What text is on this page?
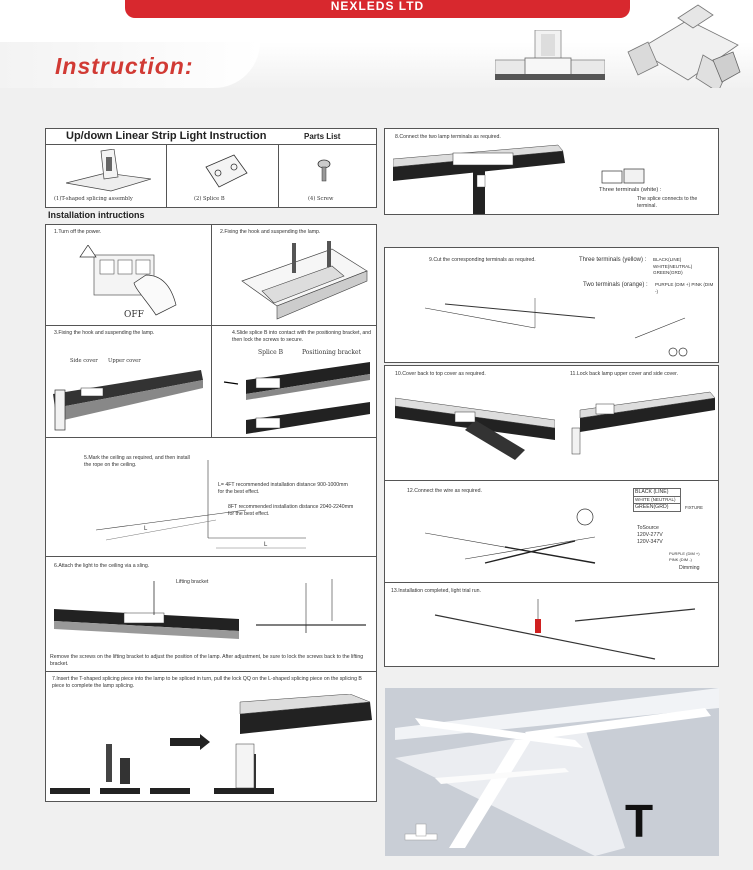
NEXLEDS LTD
Instruction:
Up/down Linear Strip Light Instruction	Parts List
(1)T-shaped splicing assembly	(2) Splice B	(4) Screw
Installation intructions
1.Turn off the power.
OFF
2.Fixing the hook and suspending the lamp.
3.Fixing the hook and suspending the lamp.
Side cover Upper cover
4.Slide splice B into contact with the positioning bracket, and then lock the screws to secure.
Splice B	Positioning bracket
5.Mark the ceiling as required, and then install the rope on the ceiling.
L= 4FT recommended installation distance 900-1000mm for the best effect.
8FT recommended installation distance 2040-2240mm for the best effect.
L
L
6.Attach the light to the ceiling via a sling.
Lifting bracket
Remove the screws on the lifting bracket to adjust the position of the lamp. After adjustment, be sure to lock the screws back to the lifting bracket.
7.Insert the T-shaped splicing piece into the lamp to be spliced in turn, pull the lock QQ on the L-shaped splicing piece on the splicing B piece to complete the lamp splicing.
8.Connect the two lamp terminals as required.
Three terminals (white) :
The splice connects to the terminal.
9.Cut the corresponding terminals as required.	Three terminals (yellow) : BLACK(LINE) WHITE(NEUTRAL) GREEN(GRD)
Two terminals (orange) : PURPLE (DIM +) PINK (DIM -)
10.Cover back to top cover as required.	11.Lock back lamp upper cover and side cover.
12.Connect the wire as required.	BLACK (LINE)
WHITE (NEUTRAL)
GREEN(GRD)	FIXTURE
ToSource
120V-277V
120V-347V
PURPLE (DIM +)
PINK (DIM -)
Dimming
13.Installation completed, light trial run.
T
